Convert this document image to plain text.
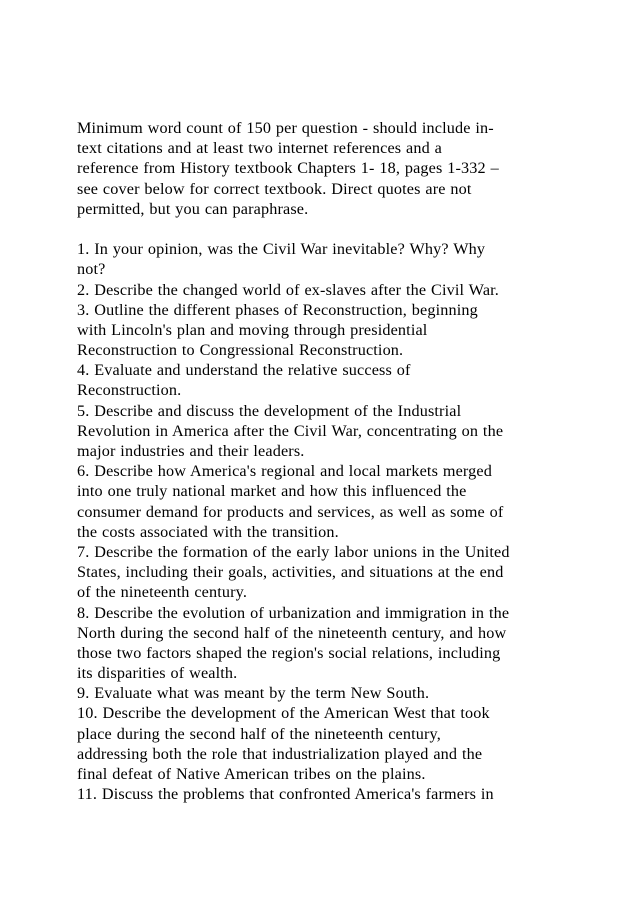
Minimum word count of 150 per question - should include in-
text citations and at least two internet references and a
reference from History textbook Chapters 1- 18, pages 1-332 –
see cover below for correct textbook. Direct quotes are not
permitted, but you can paraphrase.
1. In your opinion, was the Civil War inevitable? Why? Why
not?
2. Describe the changed world of ex-slaves after the Civil War.
3. Outline the different phases of Reconstruction, beginning
with Lincoln's plan and moving through presidential
Reconstruction to Congressional Reconstruction.
4. Evaluate and understand the relative success of
Reconstruction.
5. Describe and discuss the development of the Industrial
Revolution in America after the Civil War, concentrating on the
major industries and their leaders.
6. Describe how America's regional and local markets merged
into one truly national market and how this influenced the
consumer demand for products and services, as well as some of
the costs associated with the transition.
7. Describe the formation of the early labor unions in the United
States, including their goals, activities, and situations at the end
of the nineteenth century.
8. Describe the evolution of urbanization and immigration in the
North during the second half of the nineteenth century, and how
those two factors shaped the region's social relations, including
its disparities of wealth.
9. Evaluate what was meant by the term New South.
10. Describe the development of the American West that took
place during the second half of the nineteenth century,
addressing both the role that industrialization played and the
final defeat of Native American tribes on the plains.
11. Discuss the problems that confronted America's farmers in
